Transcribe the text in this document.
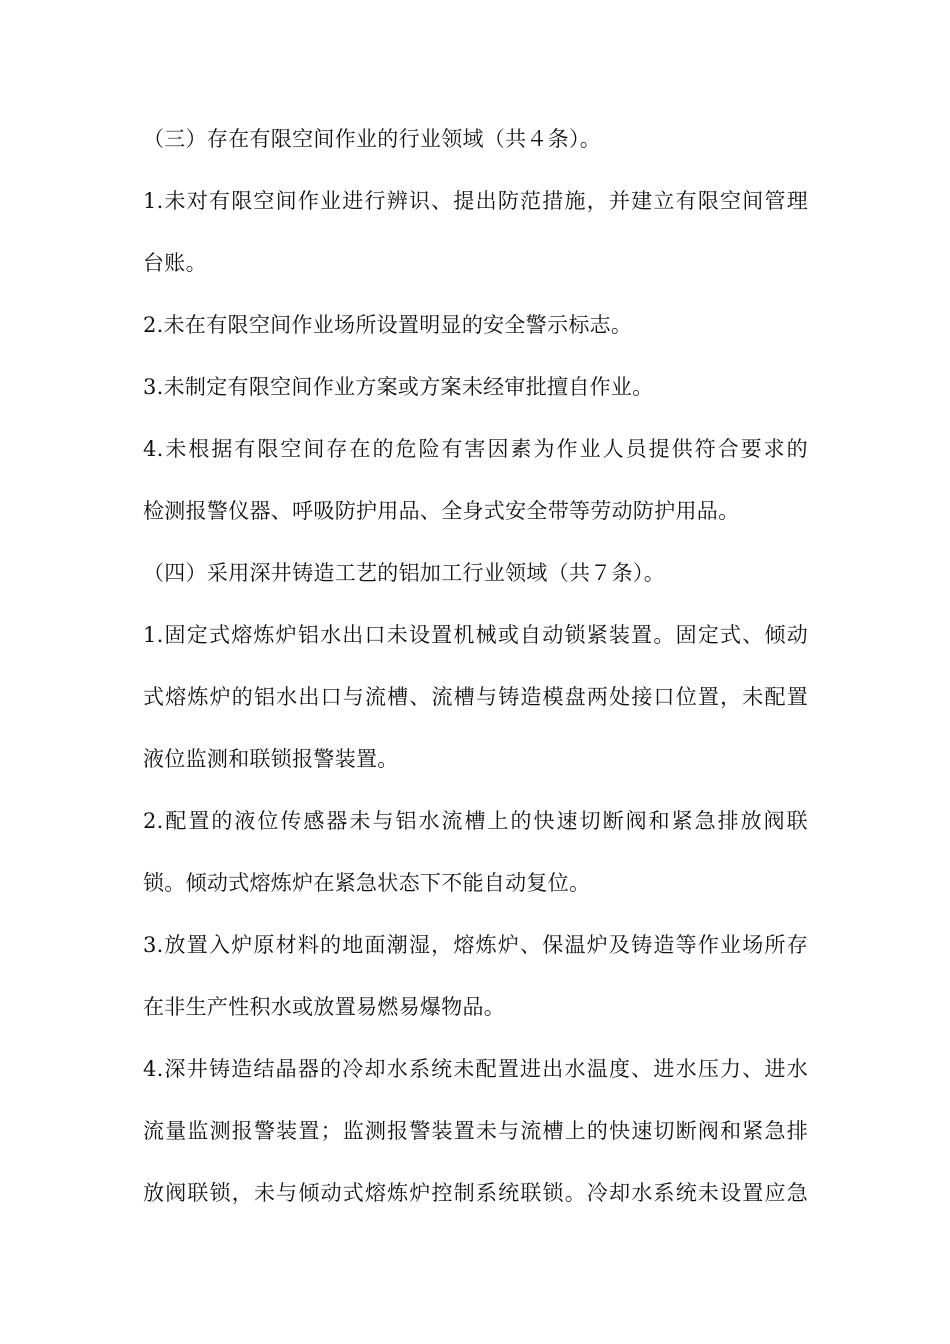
（三）存在有限空间作业的行业领域（共４条）。
1.未对有限空间作业进行辨识、提出防范措施，并建立有限空间管理
台账。
2.未在有限空间作业场所设置明显的安全警示标志。
3.未制定有限空间作业方案或方案未经审批擅自作业。
4.未根据有限空间存在的危险有害因素为作业人员提供符合要求的
检测报警仪器、呼吸防护用品、全身式安全带等劳动防护用品。
（四）采用深井铸造工艺的铝加工行业领域（共７条）。
1.固定式熔炼炉铝水出口未设置机械或自动锁紧装置。固定式、倾动
式熔炼炉的铝水出口与流槽、流槽与铸造模盘两处接口位置，未配置
液位监测和联锁报警装置。
2.配置的液位传感器未与铝水流槽上的快速切断阀和紧急排放阀联
锁。倾动式熔炼炉在紧急状态下不能自动复位。
3.放置入炉原材料的地面潮湿，熔炼炉、保温炉及铸造等作业场所存
在非生产性积水或放置易燃易爆物品。
4.深井铸造结晶器的冷却水系统未配置进出水温度、进水压力、进水
流量监测报警装置；监测报警装置未与流槽上的快速切断阀和紧急排
放阀联锁，未与倾动式熔炼炉控制系统联锁。冷却水系统未设置应急
